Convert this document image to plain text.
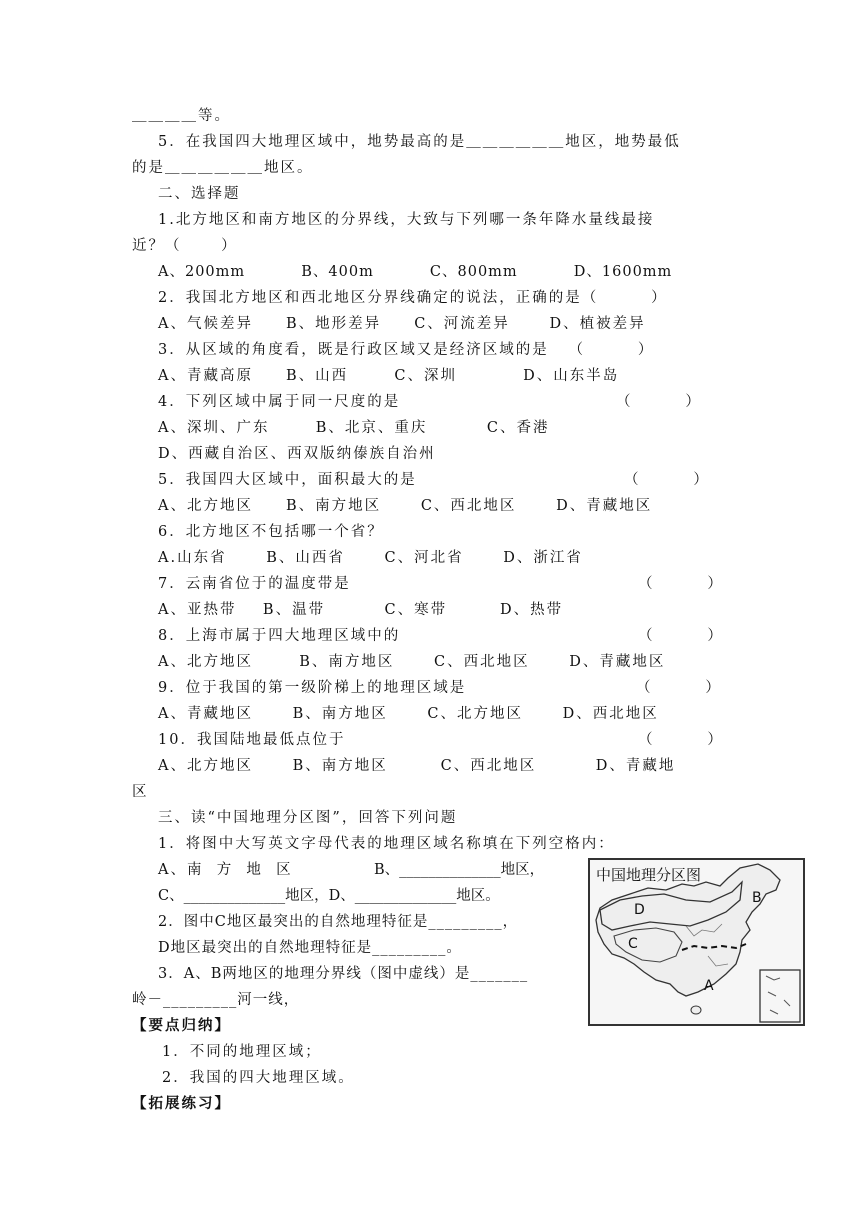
＿＿＿＿等。
5．在我国四大地理区域中，地势最高的是＿＿＿＿＿＿地区，地势最低
的是＿＿＿＿＿＿地区。
二、选择题
1.北方地区和南方地区的分界线，大致与下列哪一条年降水量线最接
近？（      ）
A、200mm          B、400m          C、800mm          D、1600mm
2．我国北方地区和西北地区分界线确定的说法，正确的是（        ）
A、气候差异     B、地形差异     C、河流差异      D、植被差异
3．从区域的角度看，既是行政区域又是经济区域的是   （        ）
A、青藏高原     B、山西       C、深圳          D、山东半岛
4．下列区域中属于同一尺度的是	（        ）
A、深圳、广东       B、北京、重庆         C、香港
D、西藏自治区、西双版纳傣族自治州
5．我国四大区域中，面积最大的是	（        ）
A、北方地区     B、南方地区      C、西北地区      D、青藏地区
6．北方地区不包括哪一个省？
A.山东省      B、山西省      C、河北省      D、浙江省
7．云南省位于的温度带是	（        ）
A、亚热带    B、温带         C、寒带        D、热带
8．上海市属于四大地理区域中的	（        ）
A、北方地区       B、南方地区      C、西北地区      D、青藏地区
9．位于我国的第一级阶梯上的地理区域是	（        ）
A、青藏地区      B、南方地区      C、北方地区      D、西北地区
10．我国陆地最低点位于	（        ）
A、北方地区      B、南方地区        C、西北地区         D、青藏地
区
三、读“中国地理分区图”，回答下列问题
1．将图中大写英文字母代表的地理区域名称填在下列空格内：
A、南  方  地  区	B、______________地区，
C、______________地区，D、______________地区。
2．图中C地区最突出的自然地理特征是_________，
D地区最突出的自然地理特征是_________。
3．A、B两地区的地理分界线（图中虚线）是_______
岭－_________河一线，
【要点归纳】
1．不同的地理区域；
2．我国的四大地理区域。
【拓展练习】
中国地理分区图
D
B
C
A
